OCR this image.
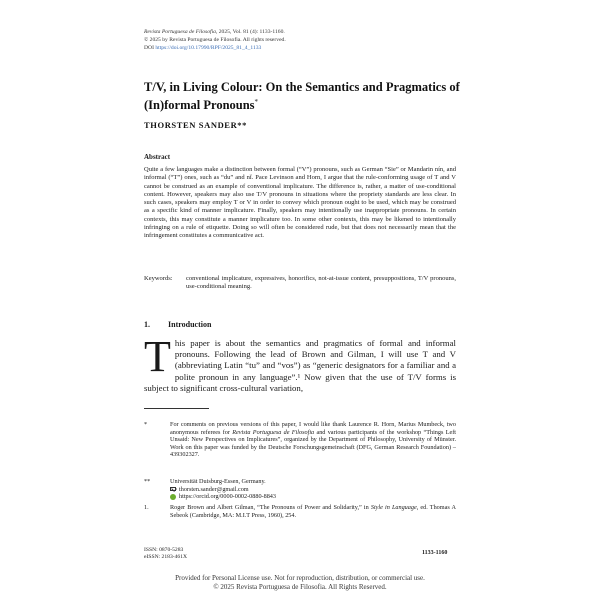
Revista Portuguesa de Filosofia, 2025, Vol. 81 (4): 1133-1160.
© 2025 by Revista Portuguesa de Filosofia. All rights reserved.
DOI https://doi.org/10.17990/RPF/2025_81_4_1133
T/V, in Living Colour: On the Semantics and Pragmatics of (In)formal Pronouns*
THORSTEN SANDER**
Abstract
Quite a few languages make a distinction between formal (“V”) pronouns, such as German “Sie” or Mandarin nín, and informal (“T”) ones, such as “du” and nǐ. Pace Levinson and Horn, I argue that the rule-conforming usage of T and V cannot be construed as an example of conventional implicature. The difference is, rather, a matter of use-conditional content. However, speakers may also use T/V pronouns in situations where the propriety standards are less clear. In such cases, speakers may employ T or V in order to convey which pronoun ought to be used, which may be construed as a specific kind of manner implicature. Finally, speakers may intentionally use inappropriate pronouns. In certain contexts, this may constitute a manner implicature too. In some other contexts, this may be likened to intentionally infringing on a rule of etiquette. Doing so will often be considered rude, but that does not necessarily mean that the infringement constitutes a communicative act.
Keywords:	conventional implicature, expressives, honorifics, not-at-issue content, presuppositions, T/V pronouns, use-conditional meaning.
1. Introduction
This paper is about the semantics and pragmatics of formal and informal pronouns. Following the lead of Brown and Gilman, I will use T and V (abbreviating Latin “tu” and “vos”) as “generic designators for a familiar and a polite pronoun in any language”.¹ Now given that the use of T/V forms is subject to significant cross-cultural variation,
*	For comments on previous versions of this paper, I would like thank Laurence R. Horn, Marius Mumbeck, two anonymous referees for Revista Portuguesa de Filosofia and various participants of the workshop “Things Left Unsaid: New Perspectives on Implicatures”, organized by the Department of Philosophy, University of Münster. Work on this paper was funded by the Deutsche Forschungsgemeinschaft (DFG, German Research Foundation) – 439302327.
**	Universität Duisburg-Essen, Germany.
thorsten.sander@gmail.com
https://orcid.org/0000-0002-0880-8843
1.	Roger Brown and Albert Gilman, “The Pronouns of Power and Solidarity,” in Style in Language, ed. Thomas A Sebeok (Cambridge, MA: M.I.T Press, 1960), 254.
ISSN: 0870-5283
eISSN: 2183-461X
1133-1160
Provided for Personal License use. Not for reproduction, distribution, or commercial use.
© 2025 Revista Portuguesa de Filosofia. All Rights Reserved.
